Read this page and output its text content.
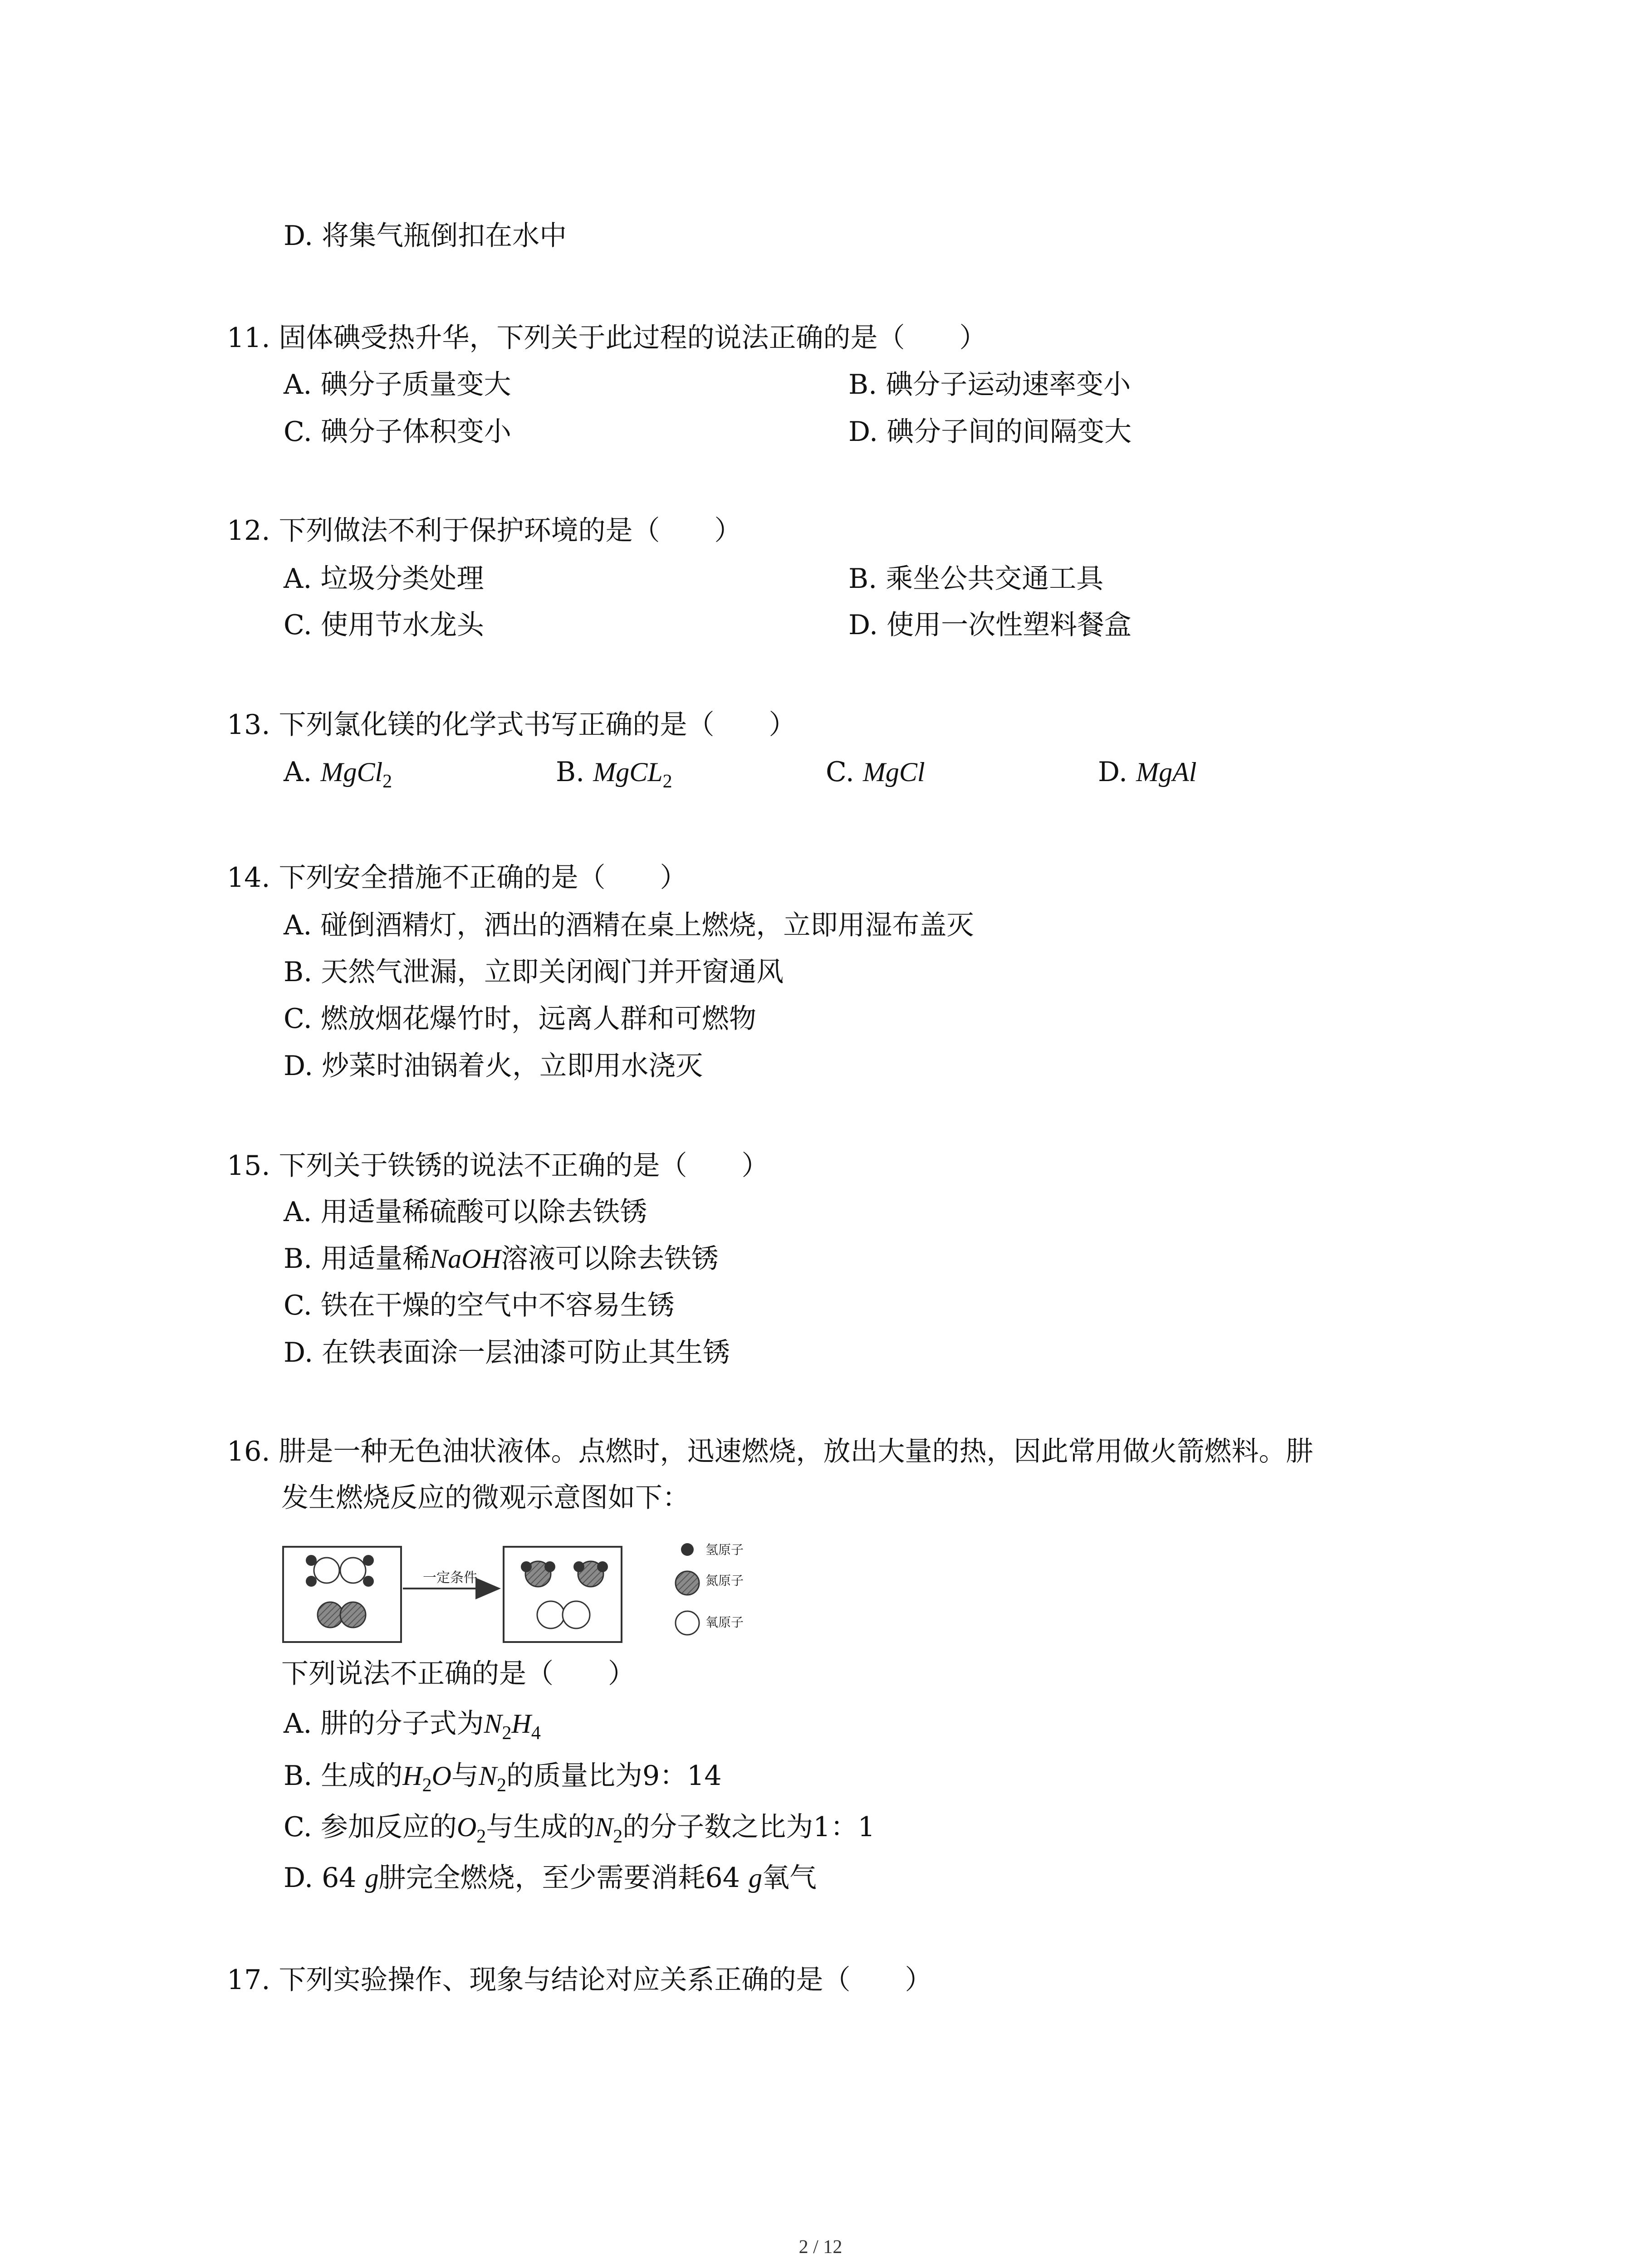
D. 将集气瓶倒扣在水中
11. 固体碘受热升华，下列关于此过程的说法正确的是（　　）
A. 碘分子质量变大	B. 碘分子运动速率变小
C. 碘分子体积变小	D. 碘分子间的间隔变大
12. 下列做法不利于保护环境的是（　　）
A. 垃圾分类处理	B. 乘坐公共交通工具
C. 使用节水龙头	D. 使用一次性塑料餐盒
13. 下列氯化镁的化学式书写正确的是（　　）
A. MgCl$_2$	B. MgCL$_2$	C. MgCl	D. MgAl
14. 下列安全措施不正确的是（　　）
A. 碰倒酒精灯，洒出的酒精在桌上燃烧，立即用湿布盖灭
B. 天然气泄漏，立即关闭阀门并开窗通风
C. 燃放烟花爆竹时，远离人群和可燃物
D. 炒菜时油锅着火，立即用水浇灭
15. 下列关于铁锈的说法不正确的是（　　）
A. 用适量稀硫酸可以除去铁锈
B. 用适量稀NaOH溶液可以除去铁锈
C. 铁在干燥的空气中不容易生锈
D. 在铁表面涂一层油漆可防止其生锈
16. 肼是一种无色油状液体。点燃时，迅速燃烧，放出大量的热，因此常用做火箭燃料。肼
发生燃烧反应的微观示意图如下：
一定条件
氢原子
氮原子
氧原子
下列说法不正确的是（　　）
A. 肼的分子式为$N_2H_4$
B. 生成的$H_2O$与$N_2$的质量比为9：14
C. 参加反应的$O_2$与生成的$N_2$的分子数之比为1：1
D. 64 g肼完全燃烧，至少需要消耗64 g氧气
17. 下列实验操作、现象与结论对应关系正确的是（　　）
2 / 12
